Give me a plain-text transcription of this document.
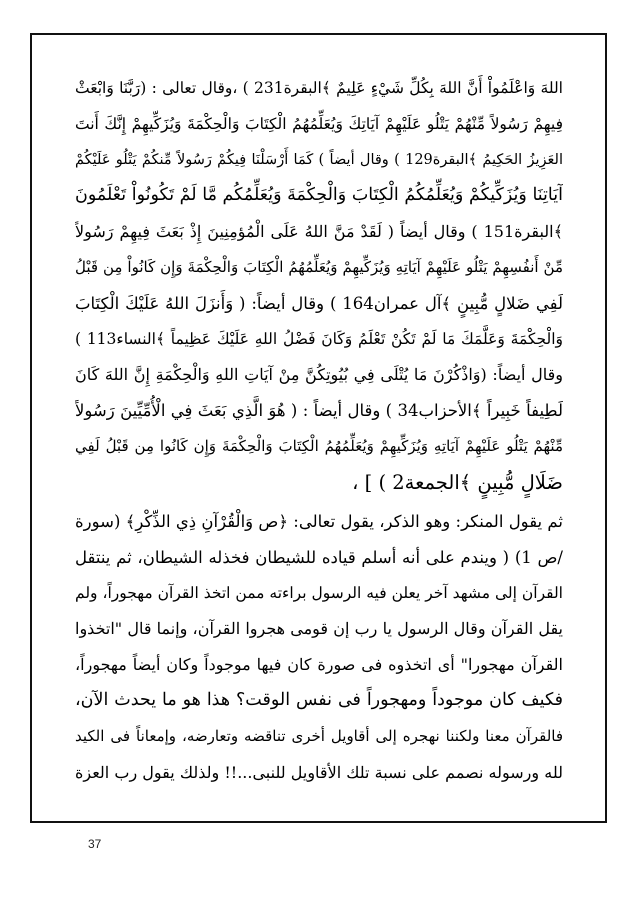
اللهَ وَاعْلَمُواْ أَنَّ اللهَ بِكُلِّ شَيْءٍ عَلِيمٌ ﴾البقرة231 ) ،وقال تعالى : (رَبَّنَا وَابْعَثْ
فِيهِمْ رَسُولاً مِّنْهُمْ يَتْلُو عَلَيْهِمْ آيَاتِكَ وَيُعَلِّمُهُمُ الْكِتَابَ وَالْحِكْمَةَ وَيُزَكِّيهِمْ إِنَّكَ أَنتَ
العَزِيزُ الحَكِيمُ ﴾البقرة129 ) وقال أيضاً ) كَمَا أَرْسَلْنَا فِيكُمْ رَسُولاً مِّنكُمْ يَتْلُو عَلَيْكُمْ
آيَاتِنَا وَيُزَكِّيكُمْ وَيُعَلِّمُكُمُ الْكِتَابَ وَالْحِكْمَةَ وَيُعَلِّمُكُم مَّا لَمْ تَكُونُواْ تَعْلَمُونَ
﴾البقرة151 ) وقال أيضاً ( لَقَدْ مَنَّ اللهُ عَلَى الْمُؤمِنِينَ إِذْ بَعَثَ فِيهِمْ رَسُولاً
مِّنْ أَنفُسِهِمْ يَتْلُو عَلَيْهِمْ آيَاتِهِ وَيُزَكِّيهِمْ وَيُعَلِّمُهُمُ الْكِتَابَ وَالْحِكْمَةَ وَإِن كَانُواْ مِن قَبْلُ
لَفِي ضَلالٍ مُّبِينٍ ﴾آل عمران164 ) وقال أيضاً: ( وَأَنزَلَ اللهُ عَلَيْكَ الْكِتَابَ
وَالْحِكْمَةَ وَعَلَّمَكَ مَا لَمْ تَكُنْ تَعْلَمُ وَكَانَ فَضْلُ اللهِ عَلَيْكَ عَظِيماً ﴾النساء113 )
وقال أيضاً: (وَاذْكُرْنَ مَا يُتْلَى فِي بُيُوتِكُنَّ مِنْ آيَاتِ اللهِ وَالْحِكْمَةِ إِنَّ اللهَ كَانَ
لَطِيفاً خَبِيراً ﴾الأحزاب34 ) وقال أيضاً : ( هُوَ الَّذِي بَعَثَ فِي الْأُمِّيِّينَ رَسُولاً
مِّنْهُمْ يَتْلُو عَلَيْهِمْ آيَاتِهِ وَيُزَكِّيهِمْ وَيُعَلِّمُهُمُ الْكِتَابَ وَالْحِكْمَةَ وَإِن كَانُوا مِن قَبْلُ لَفِي
ضَلَالٍ مُّبِينٍ ﴾الجمعة2 ) ] ،
ثم يقول المنكر: وهو الذكر، يقول تعالى: ﴿ص وَالْقُرْآنِ ذِي الذِّكْرِ﴾ (سورة
/ص 1) ( ويندم على أنه أسلم قياده للشيطان فخذله الشيطان، ثم ينتقل
القرآن إلى مشهد آخر يعلن فيه الرسول براءته ممن اتخذ القرآن مهجوراً، ولم
يقل القرآن وقال الرسول يا رب إن قومى هجروا القرآن، وإنما قال "اتخذوا
القرآن مهجورا" أى اتخذوه فى صورة كان فيها موجوداً وكان أيضاً مهجوراً،
فكيف كان موجوداً ومهجوراً فى نفس الوقت؟ هذا هو ما يحدث الآن،
فالقرآن معنا ولكننا نهجره إلى أقاويل أخرى تناقضه وتعارضه، وإمعاناً فى الكيد
لله ورسوله نصمم على نسبة تلك الأقاويل للنبى...!! ولذلك يقول رب العزة
37
